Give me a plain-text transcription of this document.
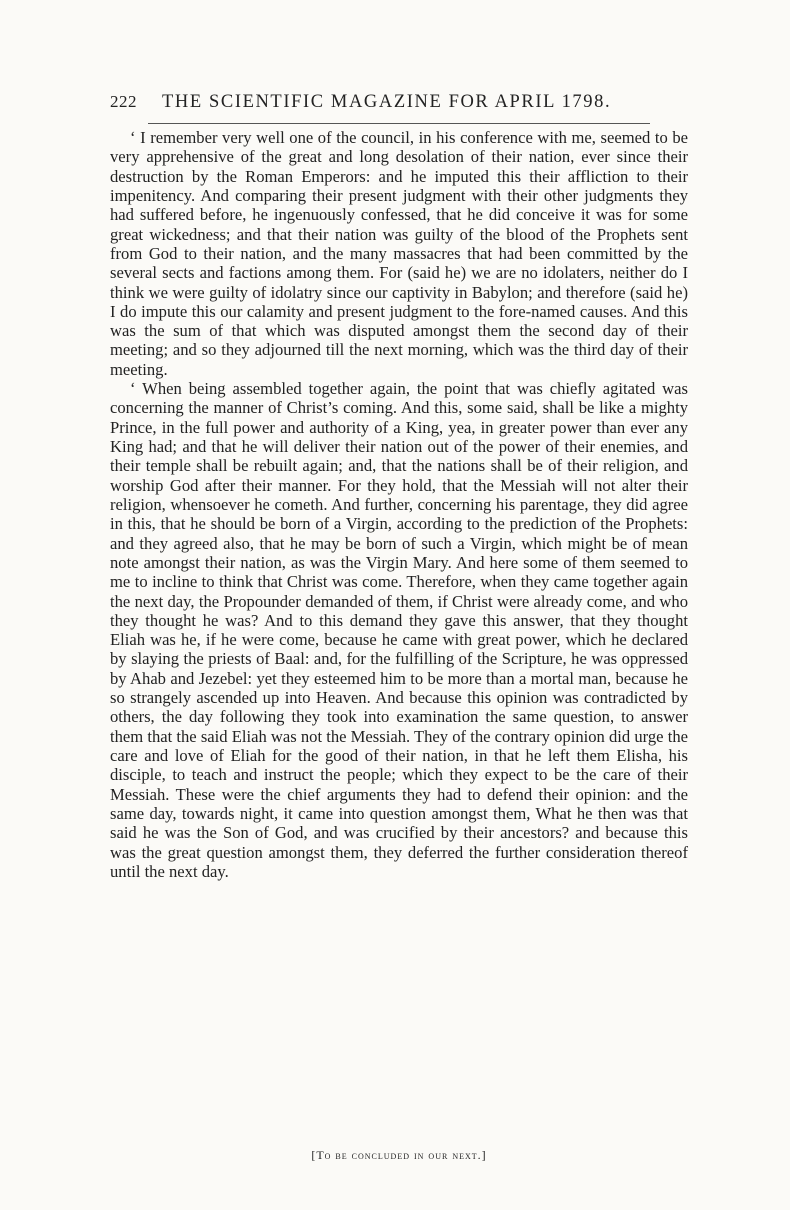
222 THE SCIENTIFIC MAGAZINE FOR APRIL 1798.

‘ I remember very well one of the council, in his conference with me, seemed to be very apprehensive of the great and long desolation of their nation, ever since their destruction by the Roman Emperors: and he imputed this their affliction to their impenitency. And comparing their present judgment with their other judgments they had suffered before, he ingenuously confessed, that he did conceive it was for some great wickedness; and that their nation was guilty of the blood of the Prophets sent from God to their nation, and the many massacres that had been committed by the several sects and factions among them. For (said he) we are no idolaters, neither do I think we were guilty of idolatry since our captivity in Babylon; and therefore (said he) I do impute this our calamity and present judgment to the fore-named causes. And this was the sum of that which was disputed amongst them the second day of their meeting; and so they adjourned till the next morning, which was the third day of their meeting.

‘ When being assembled together again, the point that was chiefly agitated was concerning the manner of Christ’s coming. And this, some said, shall be like a mighty Prince, in the full power and authority of a King, yea, in greater power than ever any King had; and that he will deliver their nation out of the power of their enemies, and their temple shall be rebuilt again; and, that the nations shall be of their religion, and worship God after their manner. For they hold, that the Messiah will not alter their religion, whensoever he cometh. And further, concerning his parentage, they did agree in this, that he should be born of a Virgin, according to the prediction of the Prophets: and they agreed also, that he may be born of such a Virgin, which might be of mean note amongst their nation, as was the Virgin Mary. And here some of them seemed to me to incline to think that Christ was come. Therefore, when they came together again the next day, the Propounder demanded of them, if Christ were already come, and who they thought he was? And to this demand they gave this answer, that they thought Eliah was he, if he were come, because he came with great power, which he declared by slaying the priests of Baal: and, for the fulfilling of the Scripture, he was oppressed by Ahab and Jezebel: yet they esteemed him to be more than a mortal man, because he so strangely ascended up into Heaven. And because this opinion was contradicted by others, the day following they took into examination the same question, to answer them that the said Eliah was not the Messiah. They of the contrary opinion did urge the care and love of Eliah for the good of their nation, in that he left them Elisha, his disciple, to teach and instruct the people; which they expect to be the care of their Messiah. These were the chief arguments they had to defend their opinion: and the same day, towards night, it came into question amongst them, What he then was that said he was the Son of God, and was crucified by their ancestors? and because this was the great question amongst them, they deferred the further consideration thereof until the next day.

[To be concluded in our next.]
